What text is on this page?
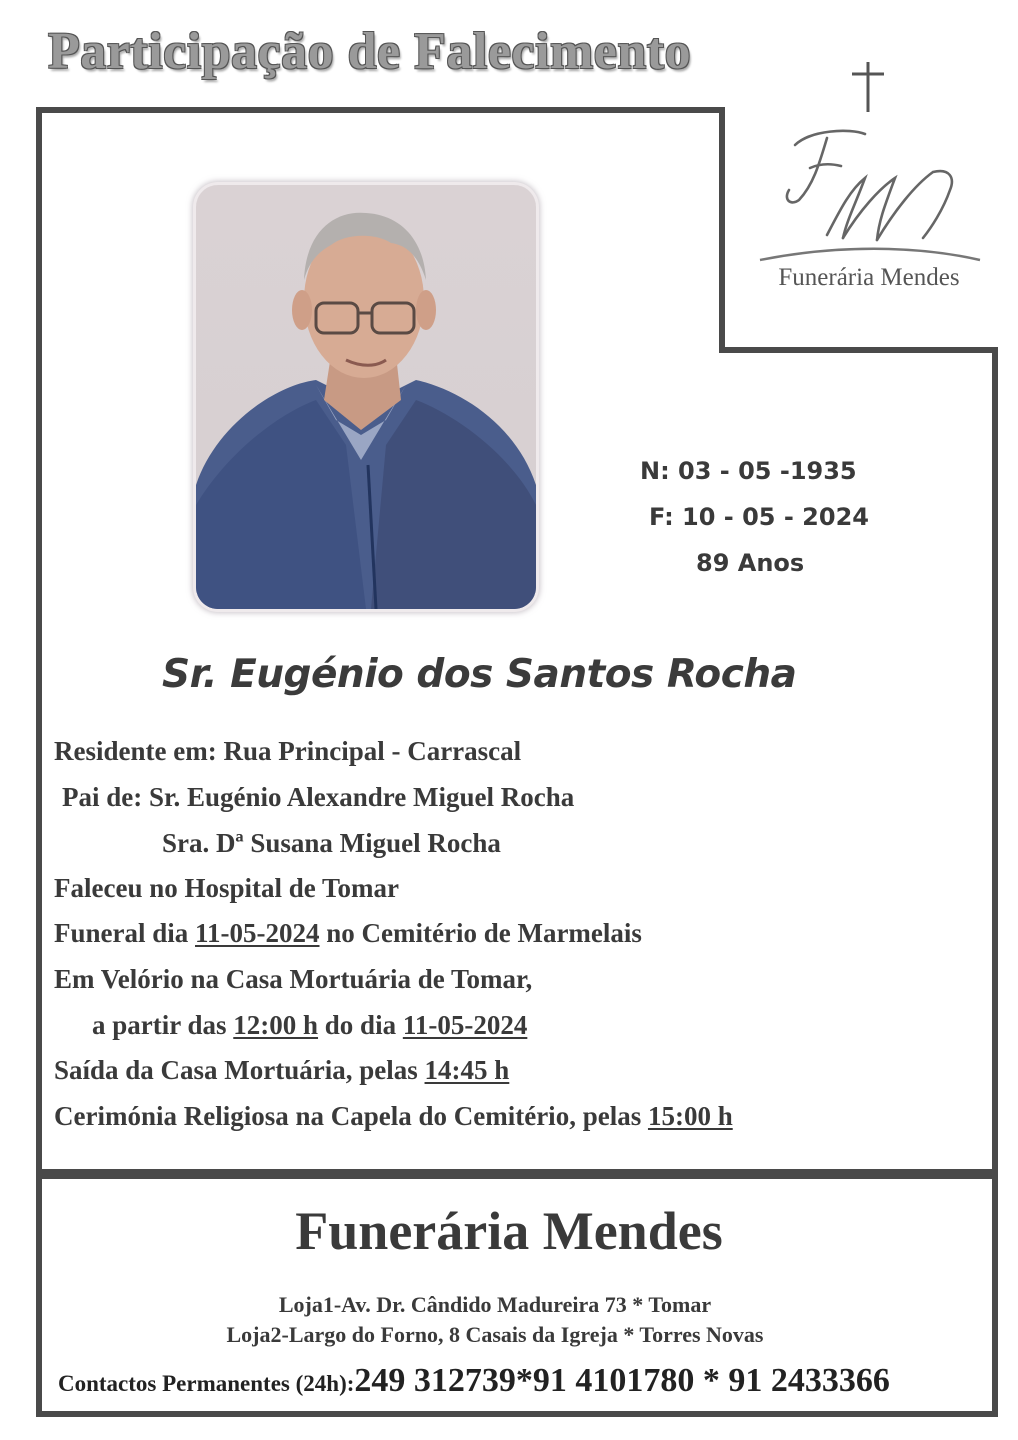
Participação de Falecimento
Funerária Mendes
N: 03 - 05 -1935
F: 10 - 05 - 2024
89 Anos
Sr. Eugénio dos Santos Rocha
Residente em: Rua Principal - Carrascal
Pai de: Sr. Eugénio Alexandre Miguel Rocha
Sra. Dª Susana Miguel Rocha
Faleceu no Hospital de Tomar
Funeral dia 11-05-2024 no Cemitério de Marmelais
Em Velório na Casa Mortuária de Tomar,
a partir das 12:00 h do dia 11-05-2024
Saída da Casa Mortuária, pelas 14:45 h
Cerimónia Religiosa na Capela do Cemitério, pelas 15:00 h
Funerária Mendes
Loja1-Av. Dr. Cândido Madureira 73 * Tomar
Loja2-Largo do Forno, 8 Casais da Igreja * Torres Novas
Contactos Permanentes (24h):249 312739*91 4101780 * 91 2433366
